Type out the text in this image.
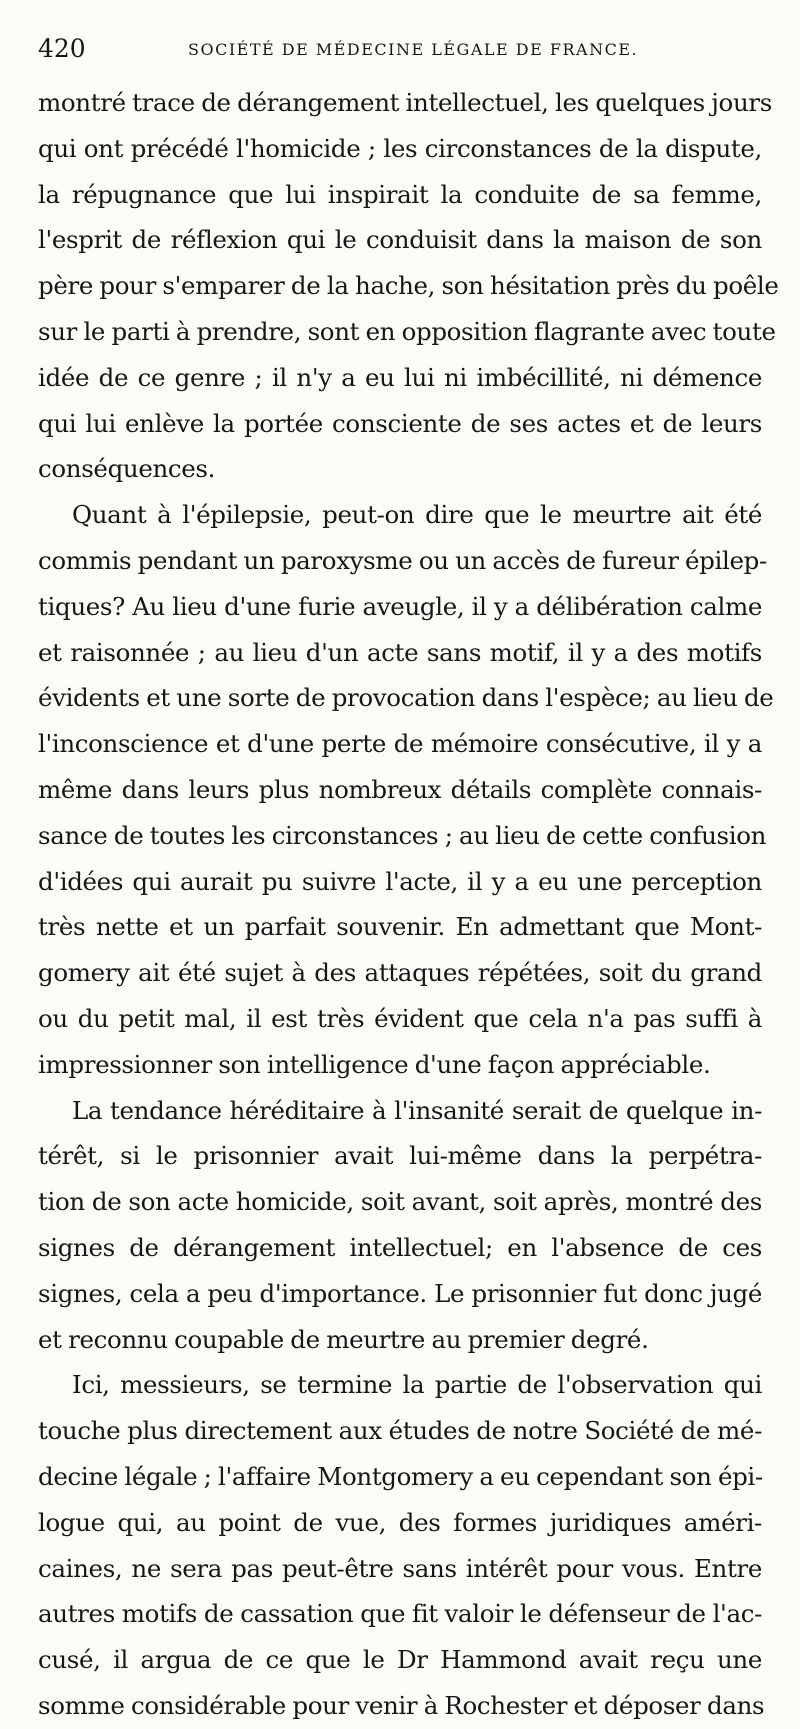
420	SOCIÉTÉ DE MÉDECINE LÉGALE DE FRANCE.
montré trace de dérangement intellectuel, les quelques jours
qui ont précédé l'homicide ; les circonstances de la dispute,
la répugnance que lui inspirait la conduite de sa femme,
l'esprit de réflexion qui le conduisit dans la maison de son
père pour s'emparer de la hache, son hésitation près du poêle
sur le parti à prendre, sont en opposition flagrante avec toute
idée de ce genre ; il n'y a eu lui ni imbécillité, ni démence
qui lui enlève la portée consciente de ses actes et de leurs
conséquences.
Quant à l'épilepsie, peut-on dire que le meurtre ait été
commis pendant un paroxysme ou un accès de fureur épilep-
tiques? Au lieu d'une furie aveugle, il y a délibération calme
et raisonnée ; au lieu d'un acte sans motif, il y a des motifs
évidents et une sorte de provocation dans l'espèce; au lieu de
l'inconscience et d'une perte de mémoire consécutive, il y a
même dans leurs plus nombreux détails complète connais-
sance de toutes les circonstances ; au lieu de cette confusion
d'idées qui aurait pu suivre l'acte, il y a eu une perception
très nette et un parfait souvenir. En admettant que Mont-
gomery ait été sujet à des attaques répétées, soit du grand
ou du petit mal, il est très évident que cela n'a pas suffi à
impressionner son intelligence d'une façon appréciable.
La tendance héréditaire à l'insanité serait de quelque in-
térêt, si le prisonnier avait lui-même dans la perpétra-
tion de son acte homicide, soit avant, soit après, montré des
signes de dérangement intellectuel; en l'absence de ces
signes, cela a peu d'importance. Le prisonnier fut donc jugé
et reconnu coupable de meurtre au premier degré.
Ici, messieurs, se termine la partie de l'observation qui
touche plus directement aux études de notre Société de mé-
decine légale ; l'affaire Montgomery a eu cependant son épi-
logue qui, au point de vue, des formes juridiques améri-
caines, ne sera pas peut-être sans intérêt pour vous. Entre
autres motifs de cassation que fit valoir le défenseur de l'ac-
cusé, il argua de ce que le Dr Hammond avait reçu une
somme considérable pour venir à Rochester et déposer dans
